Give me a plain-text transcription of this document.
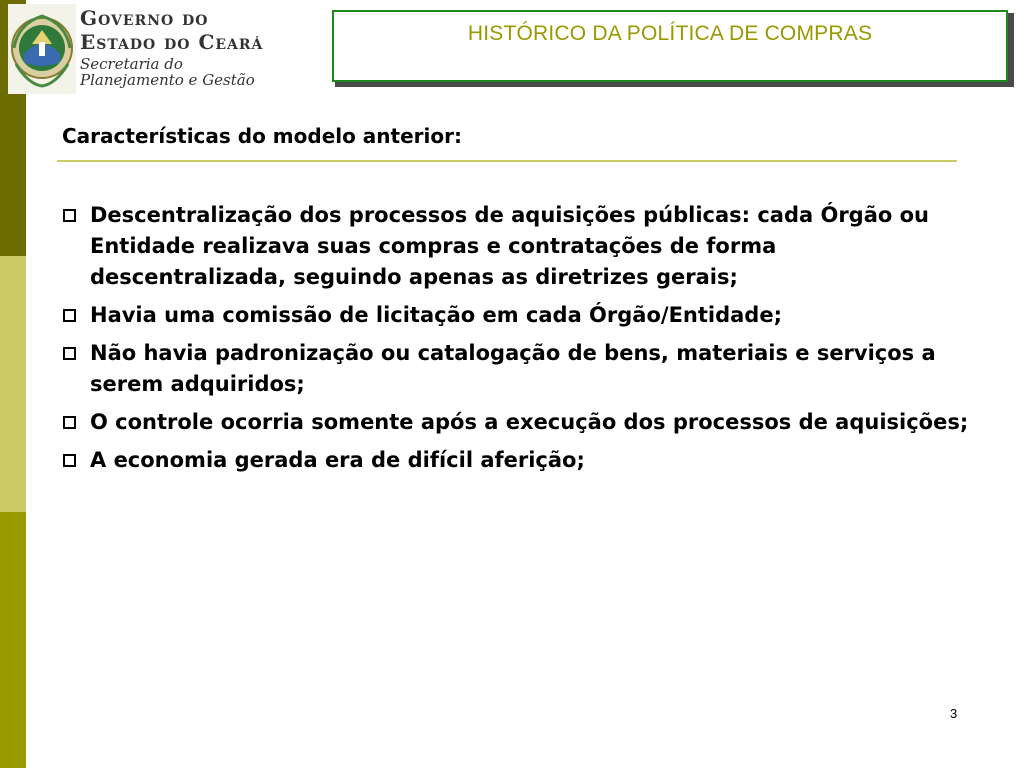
Governo do
Estado do Ceará
Secretaria do Planejamento e Gestão
HISTÓRICO DA POLÍTICA DE COMPRAS
Características do modelo anterior:
Descentralização dos processos de aquisições públicas: cada Órgão ou Entidade realizava suas compras e contratações de forma descentralizada, seguindo apenas as diretrizes gerais;
Havia uma comissão de licitação em cada Órgão/Entidade;
Não havia padronização ou catalogação de bens, materiais e serviços a serem adquiridos;
O controle ocorria somente após a execução dos processos de aquisições;
A economia gerada era de difícil aferição;
3
